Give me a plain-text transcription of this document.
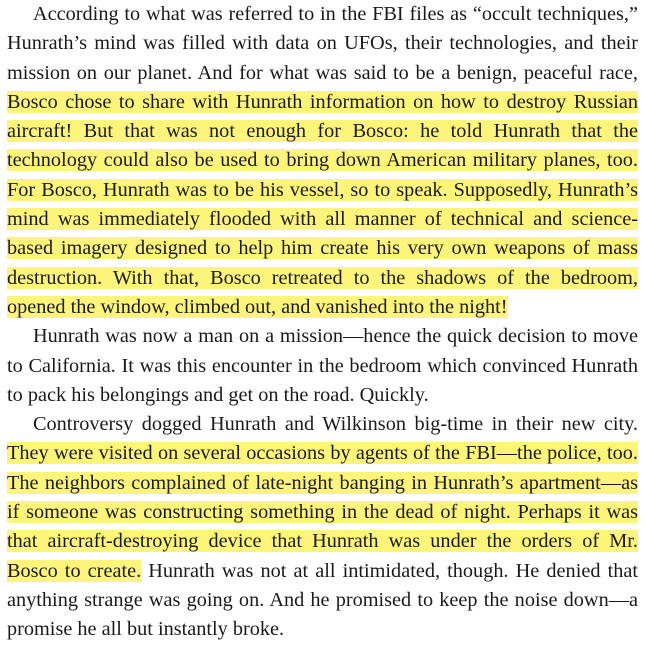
According to what was referred to in the FBI files as “occult techniques,” Hunrath’s mind was filled with data on UFOs, their technologies, and their mission on our planet. And for what was said to be a benign, peaceful race, Bosco chose to share with Hunrath information on how to destroy Russian aircraft! But that was not enough for Bosco: he told Hunrath that the technology could also be used to bring down American military planes, too. For Bosco, Hunrath was to be his vessel, so to speak. Supposedly, Hunrath’s mind was immediately flooded with all manner of technical and science-based imagery designed to help him create his very own weapons of mass destruction. With that, Bosco retreated to the shadows of the bedroom, opened the window, climbed out, and vanished into the night!

Hunrath was now a man on a mission—hence the quick decision to move to California. It was this encounter in the bedroom which convinced Hunrath to pack his belongings and get on the road. Quickly.

Controversy dogged Hunrath and Wilkinson big-time in their new city. They were visited on several occasions by agents of the FBI—the police, too. The neighbors complained of late-night banging in Hunrath’s apartment—as if someone was constructing something in the dead of night. Perhaps it was that aircraft-destroying device that Hunrath was under the orders of Mr. Bosco to create. Hunrath was not at all intimidated, though. He denied that anything strange was going on. And he promised to keep the noise down—a promise he all but instantly broke.
